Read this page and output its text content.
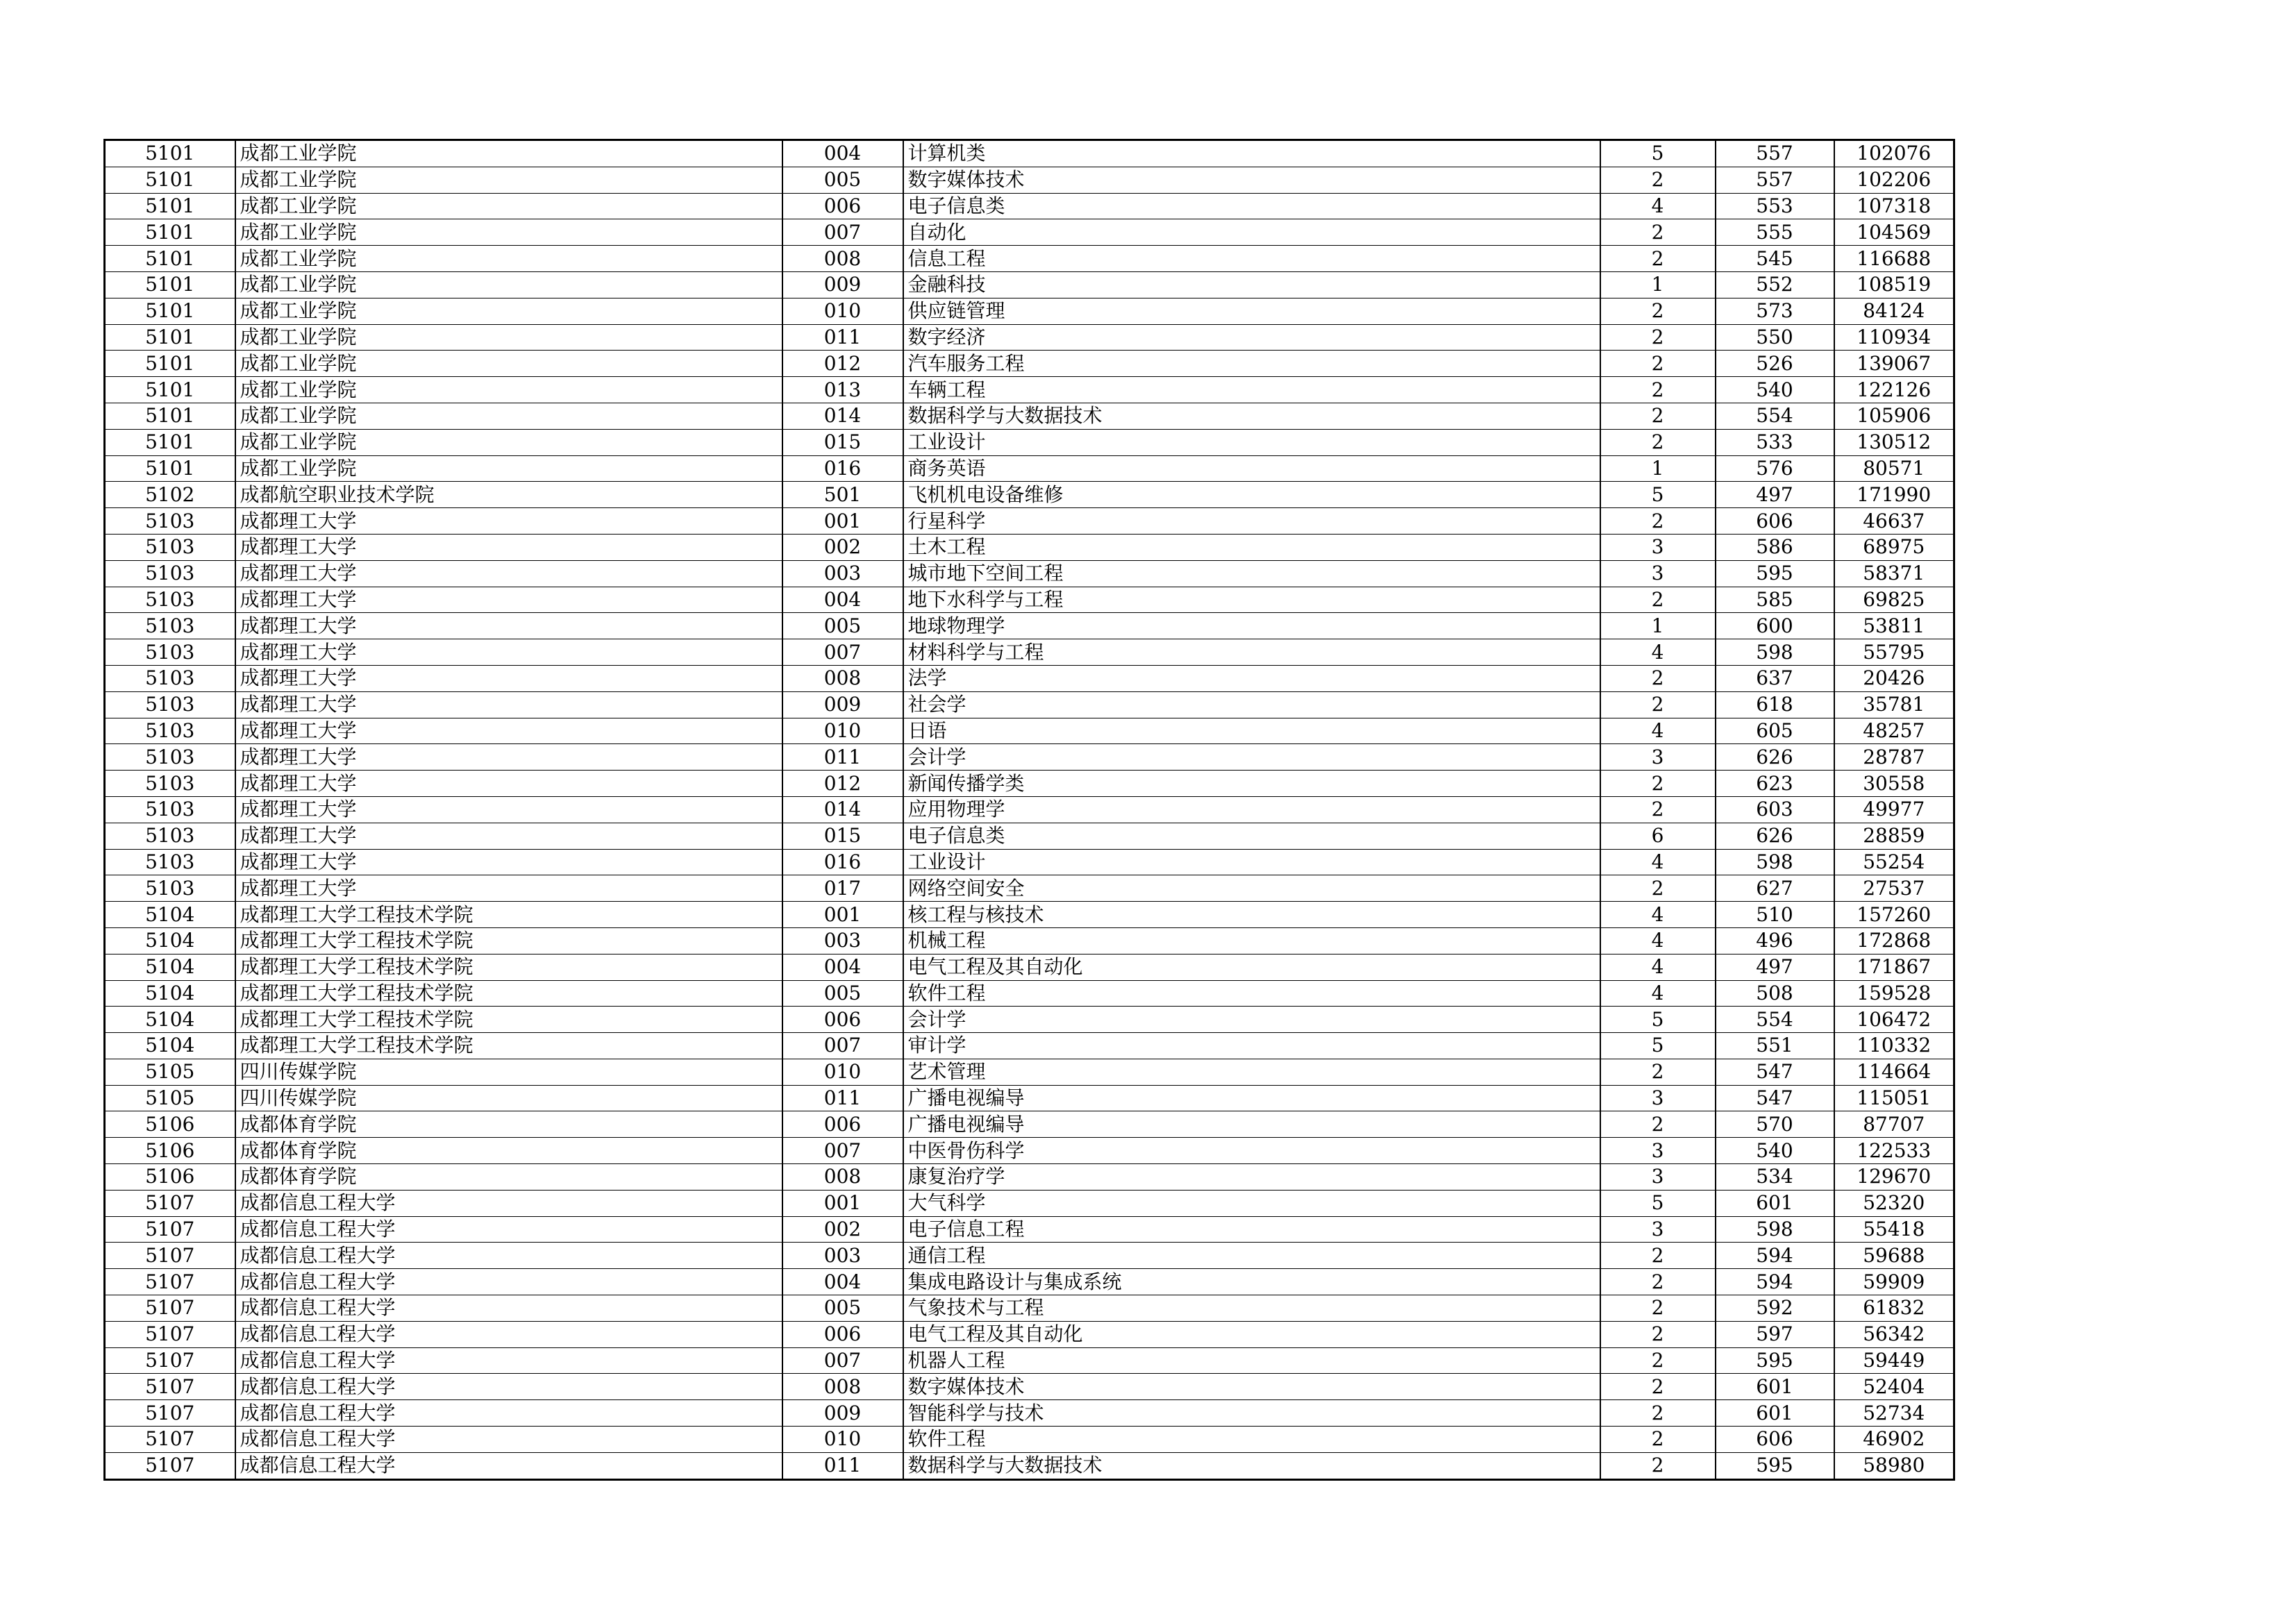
5101	成都工业学院	004	计算机类	5	557	102076
5101	成都工业学院	005	数字媒体技术	2	557	102206
5101	成都工业学院	006	电子信息类	4	553	107318
5101	成都工业学院	007	自动化	2	555	104569
5101	成都工业学院	008	信息工程	2	545	116688
5101	成都工业学院	009	金融科技	1	552	108519
5101	成都工业学院	010	供应链管理	2	573	84124
5101	成都工业学院	011	数字经济	2	550	110934
5101	成都工业学院	012	汽车服务工程	2	526	139067
5101	成都工业学院	013	车辆工程	2	540	122126
5101	成都工业学院	014	数据科学与大数据技术	2	554	105906
5101	成都工业学院	015	工业设计	2	533	130512
5101	成都工业学院	016	商务英语	1	576	80571
5102	成都航空职业技术学院	501	飞机机电设备维修	5	497	171990
5103	成都理工大学	001	行星科学	2	606	46637
5103	成都理工大学	002	土木工程	3	586	68975
5103	成都理工大学	003	城市地下空间工程	3	595	58371
5103	成都理工大学	004	地下水科学与工程	2	585	69825
5103	成都理工大学	005	地球物理学	1	600	53811
5103	成都理工大学	007	材料科学与工程	4	598	55795
5103	成都理工大学	008	法学	2	637	20426
5103	成都理工大学	009	社会学	2	618	35781
5103	成都理工大学	010	日语	4	605	48257
5103	成都理工大学	011	会计学	3	626	28787
5103	成都理工大学	012	新闻传播学类	2	623	30558
5103	成都理工大学	014	应用物理学	2	603	49977
5103	成都理工大学	015	电子信息类	6	626	28859
5103	成都理工大学	016	工业设计	4	598	55254
5103	成都理工大学	017	网络空间安全	2	627	27537
5104	成都理工大学工程技术学院	001	核工程与核技术	4	510	157260
5104	成都理工大学工程技术学院	003	机械工程	4	496	172868
5104	成都理工大学工程技术学院	004	电气工程及其自动化	4	497	171867
5104	成都理工大学工程技术学院	005	软件工程	4	508	159528
5104	成都理工大学工程技术学院	006	会计学	5	554	106472
5104	成都理工大学工程技术学院	007	审计学	5	551	110332
5105	四川传媒学院	010	艺术管理	2	547	114664
5105	四川传媒学院	011	广播电视编导	3	547	115051
5106	成都体育学院	006	广播电视编导	2	570	87707
5106	成都体育学院	007	中医骨伤科学	3	540	122533
5106	成都体育学院	008	康复治疗学	3	534	129670
5107	成都信息工程大学	001	大气科学	5	601	52320
5107	成都信息工程大学	002	电子信息工程	3	598	55418
5107	成都信息工程大学	003	通信工程	2	594	59688
5107	成都信息工程大学	004	集成电路设计与集成系统	2	594	59909
5107	成都信息工程大学	005	气象技术与工程	2	592	61832
5107	成都信息工程大学	006	电气工程及其自动化	2	597	56342
5107	成都信息工程大学	007	机器人工程	2	595	59449
5107	成都信息工程大学	008	数字媒体技术	2	601	52404
5107	成都信息工程大学	009	智能科学与技术	2	601	52734
5107	成都信息工程大学	010	软件工程	2	606	46902
5107	成都信息工程大学	011	数据科学与大数据技术	2	595	58980
